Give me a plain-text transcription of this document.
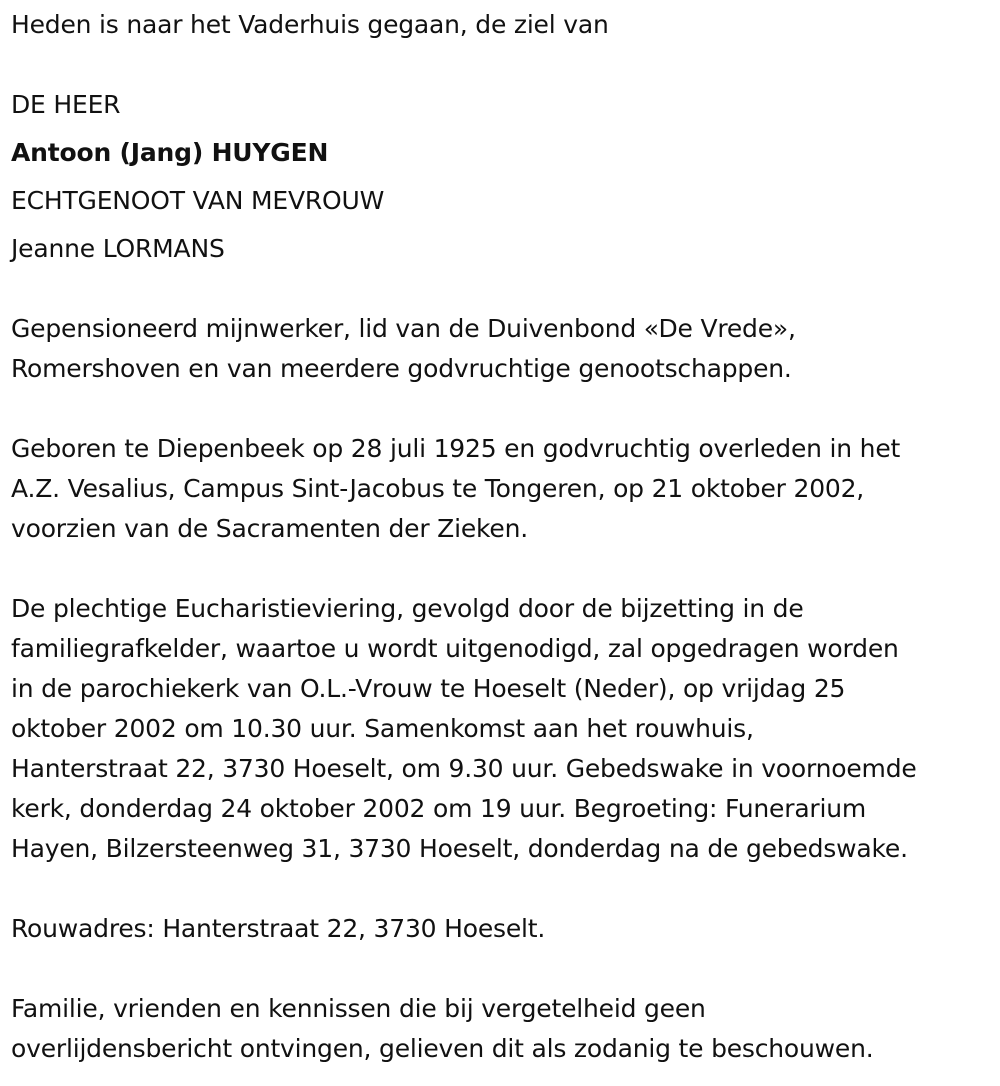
Heden is naar het Vaderhuis gegaan, de ziel van
DE HEER
Antoon (Jang) HUYGEN
ECHTGENOOT VAN MEVROUW
Jeanne LORMANS
Gepensioneerd mijnwerker, lid van de Duivenbond «De Vrede»,
Romershoven en van meerdere godvruchtige genootschappen.
Geboren te Diepenbeek op 28 juli 1925 en godvruchtig overleden in het
A.Z. Vesalius, Campus Sint-Jacobus te Tongeren, op 21 oktober 2002,
voorzien van de Sacramenten der Zieken.
De plechtige Eucharistieviering, gevolgd door de bijzetting in de
familiegrafkelder, waartoe u wordt uitgenodigd, zal opgedragen worden
in de parochiekerk van O.L.-Vrouw te Hoeselt (Neder), op vrijdag 25
oktober 2002 om 10.30 uur. Samenkomst aan het rouwhuis,
Hanterstraat 22, 3730 Hoeselt, om 9.30 uur. Gebedswake in voornoemde
kerk, donderdag 24 oktober 2002 om 19 uur. Begroeting: Funerarium
Hayen, Bilzersteenweg 31, 3730 Hoeselt, donderdag na de gebedswake.
Rouwadres: Hanterstraat 22, 3730 Hoeselt.
Familie, vrienden en kennissen die bij vergetelheid geen
overlijdensbericht ontvingen, gelieven dit als zodanig te beschouwen.
